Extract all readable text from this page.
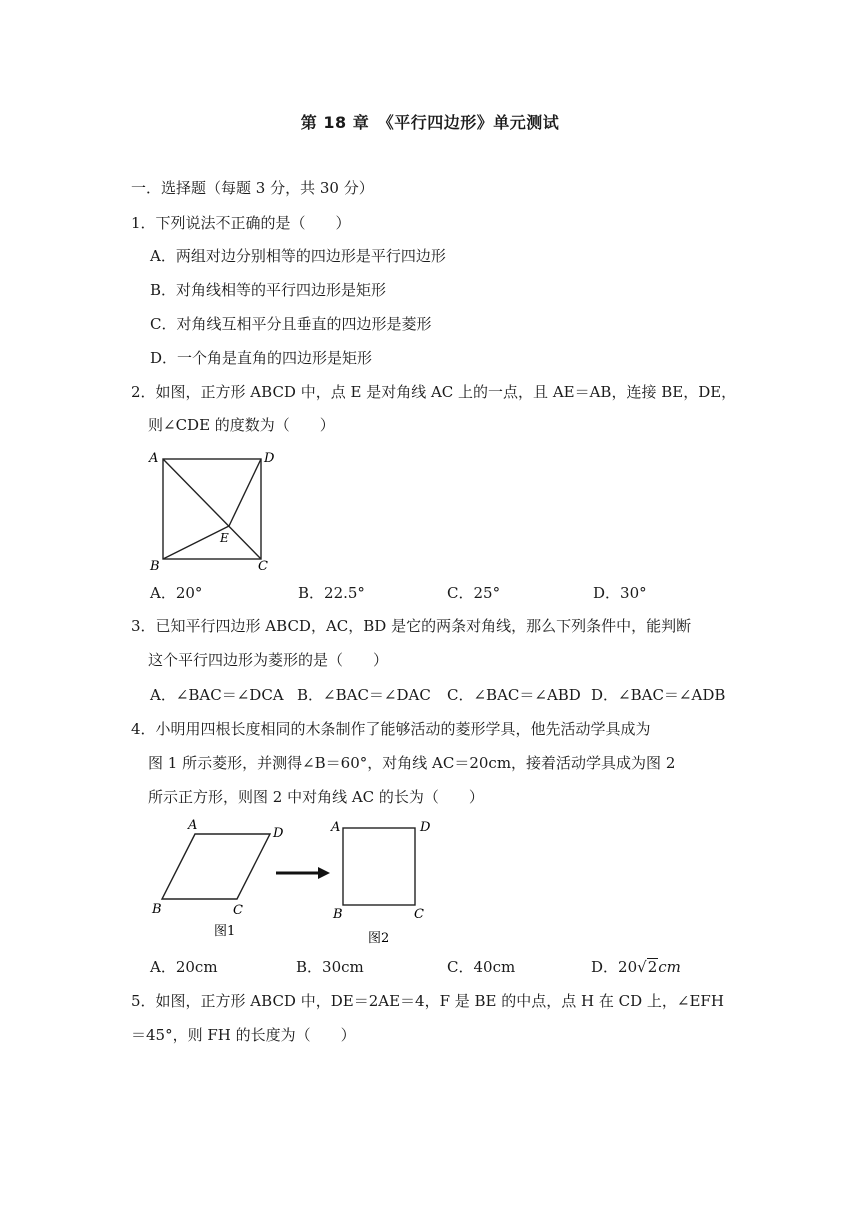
第 18 章　《平行四边形》单元测试
一．选择题（每题 3 分，共 30 分）
1．下列说法不正确的是（　　）
A．两组对边分别相等的四边形是平行四边形
B．对角线相等的平行四边形是矩形
C．对角线互相平分且垂直的四边形是菱形
D．一个角是直角的四边形是矩形
2．如图，正方形 ABCD 中，点 E 是对角线 AC 上的一点，且 AE＝AB，连接 BE，DE，
则∠CDE 的度数为（　　）
A	D
B	C
E
A．20°	B．22.5°	C．25°	D．30°
3．已知平行四边形 ABCD，AC，BD 是它的两条对角线，那么下列条件中，能判断
这个平行四边形为菱形的是（　　）
A．∠BAC＝∠DCA B．∠BAC＝∠DAC C．∠BAC＝∠ABD D．∠BAC＝∠ADB
4．小明用四根长度相同的木条制作了能够活动的菱形学具，他先活动学具成为
图 1 所示菱形，并测得∠B＝60°，对角线 AC＝20cm，接着活动学具成为图 2
所示正方形，则图 2 中对角线 AC 的长为（　　）
A
D
B	C
图1
A	D
B	C
图2
A．20cm	B．30cm	C．40cm	D．20√2cm
5．如图，正方形 ABCD 中，DE＝2AE＝4，F 是 BE 的中点，点 H 在 CD 上，∠EFH
＝45°，则 FH 的长度为（　　）
